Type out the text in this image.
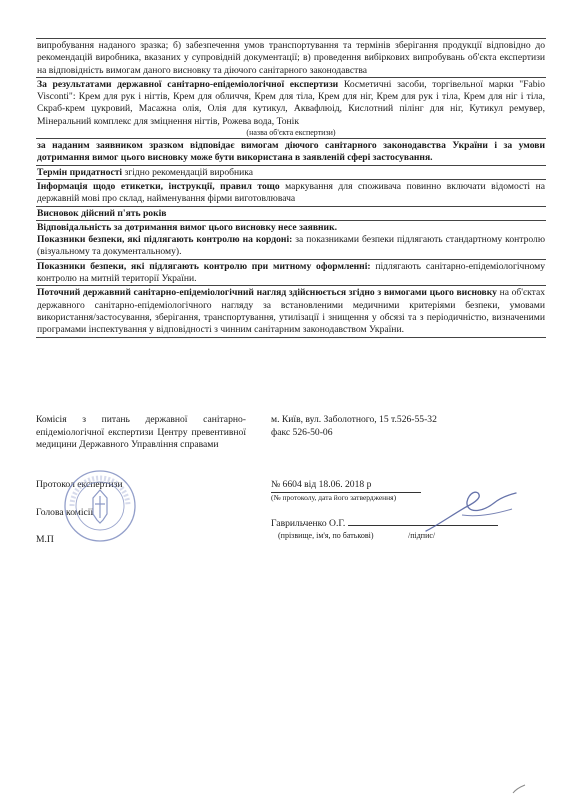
випробування наданого зразка; б) забезпечення умов транспортування та термінів зберігання продукції відповідно до рекомендацій виробника, вказаних у супровідній документації; в) проведення вибіркових випробувань об'єкта експертизи на відповідність вимогам даного висновку та діючого санітарного законодавства
За результатами державної санітарно-епідеміологічної експертизи Косметичні засоби, торгівельної марки "Fabio Visconti": Крем для рук і нігтів, Крем для обличчя, Крем для тіла, Крем для ніг, Крем для рук і тіла, Крем для ніг і тіла, Скраб-крем цукровий, Масажна олія, Олія для кутикул, Аквафлюід, Кислотний пілінг для ніг, Кутикул ремувер, Мінеральний комплекс для зміцнення нігтів, Рожева вода, Тонік
(назва об'єкта експертизи)
за наданим заявником зразком відповідає вимогам діючого санітарного законодавства України і за умови дотримання вимог цього висновку може бути використана в заявленій сфері застосування.
Термін придатності згідно рекомендацій виробника
Інформація щодо етикетки, інструкції, правил тощо маркування для споживача повинно включати відомості на державній мові про склад, найменування фірми виготовлювача
Висновок дійсний п'ять років
Відповідальність за дотримання вимог цього висновку несе заявник.
Показники безпеки, які підлягають контролю на кордоні: за показниками безпеки підлягають стандартному контролю (візуальному та документальному).
Показники безпеки, які підлягають контролю при митному оформленні: підлягають санітарно-епідеміологічному контролю на митній території України.
Поточний державний санітарно-епідеміологічний нагляд здійснюється згідно з вимогами цього висновку на об'єктах державного санітарно-епідеміологічного нагляду за встановленими медичними критеріями безпеки, умовами використання/застосування, зберігання, транспортування, утилізації і знищення у обсязі та з періодичністю, визначеними програмами інспектування у відповідності з чинним санітарним законодавством України.
Комісія з питань державної санітарно-епідеміологічної експертизи Центру превентивної медицини Державного Управління справами
м. Київ, вул. Заболотного, 15 т.526-55-32
факс 526-50-06
Протокол експертизи
Голова комісії
М.П
№ 6604 від 18.06. 2018 р
(№ протоколу, дата його затвердження)
Гаврильченко О.Г.
(прізвище, ім'я, по батькові)	/підпис/
